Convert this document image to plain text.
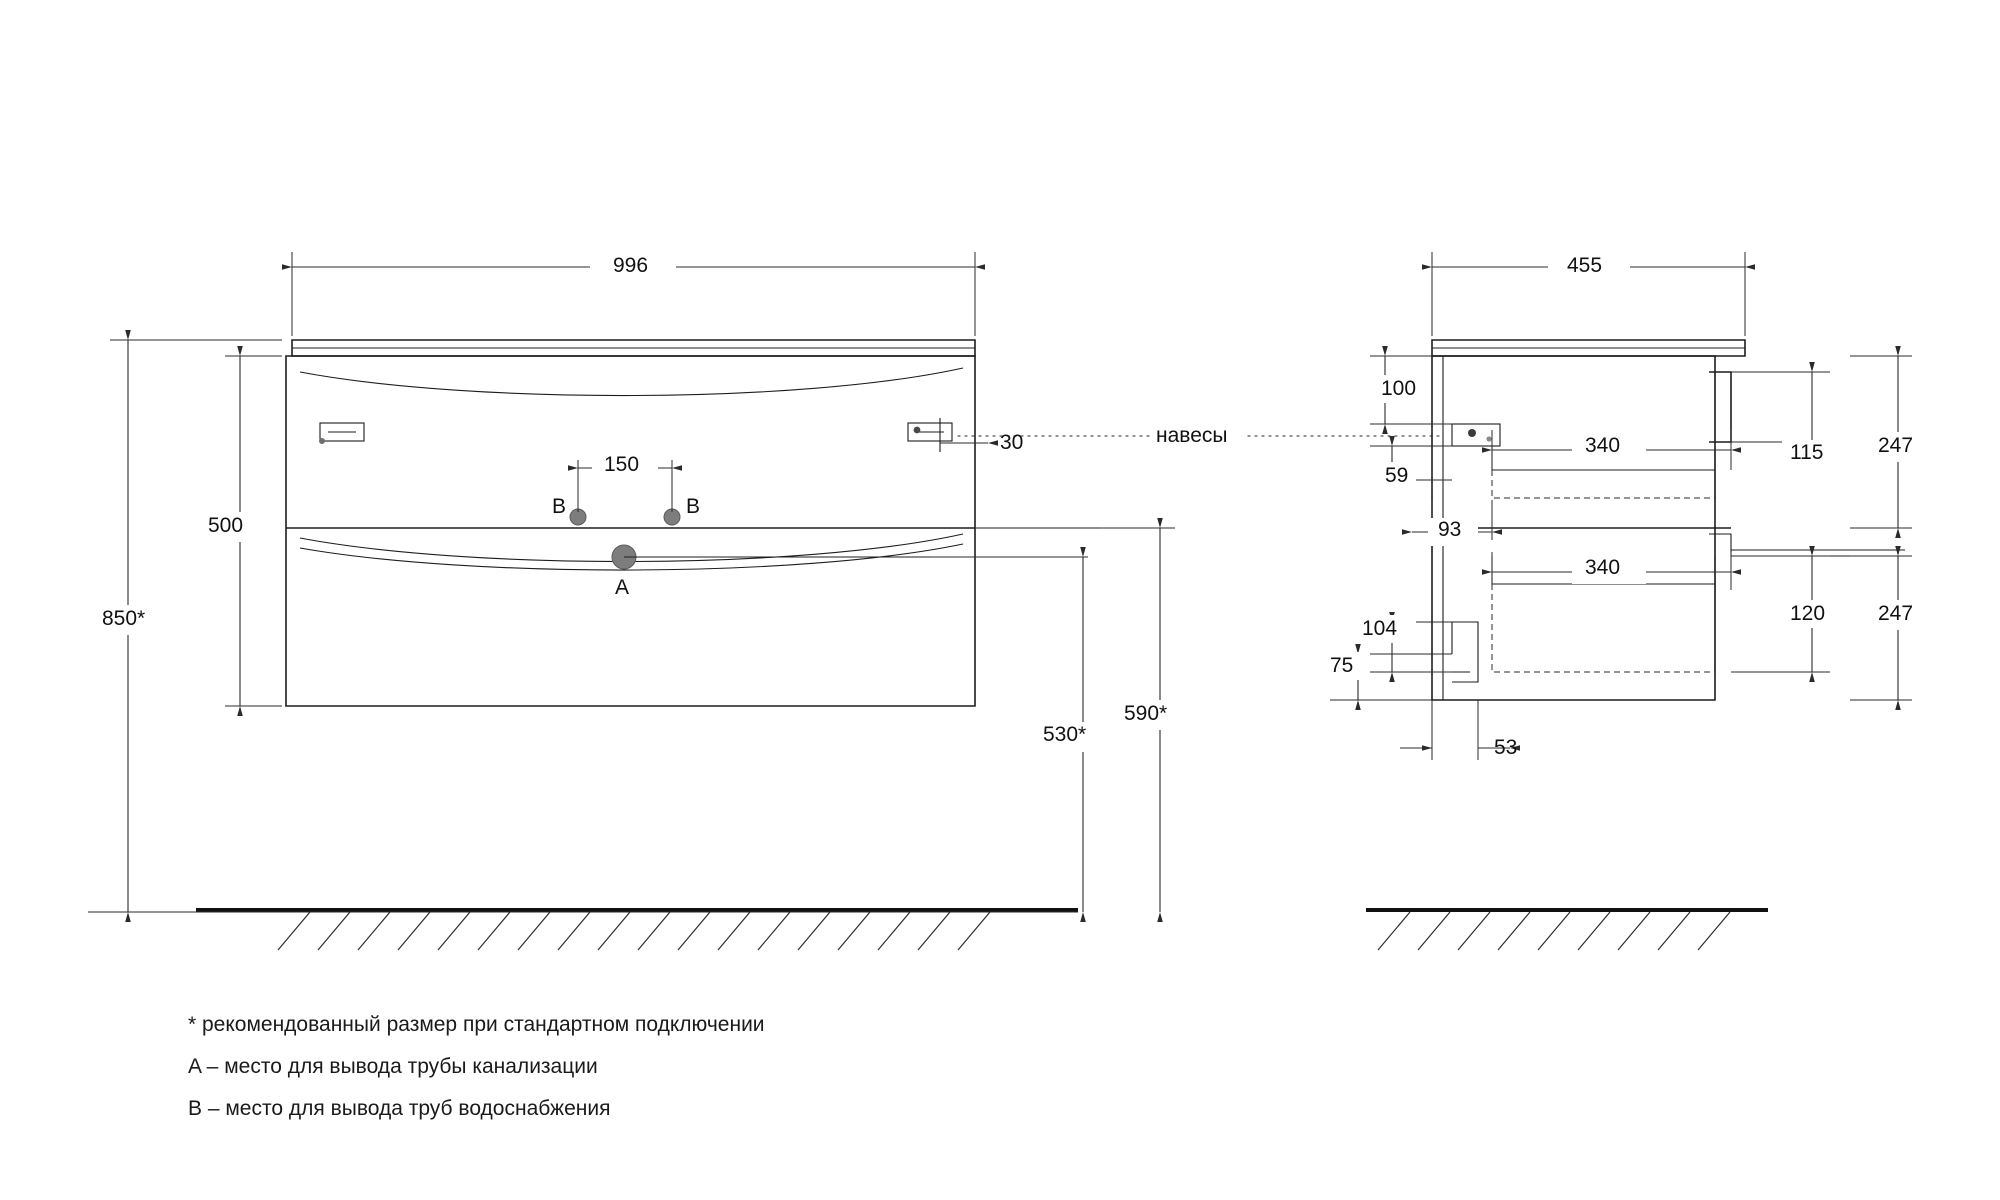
996
500
850*
150
30
530*
590*
B	B
A
навесы
455
100
59
93
340
340
115
120
247
247
104
75
53

* рекомендованный размер при стандартном подключении

A – место для вывода трубы канализации

B – место для вывода труб водоснабжения
